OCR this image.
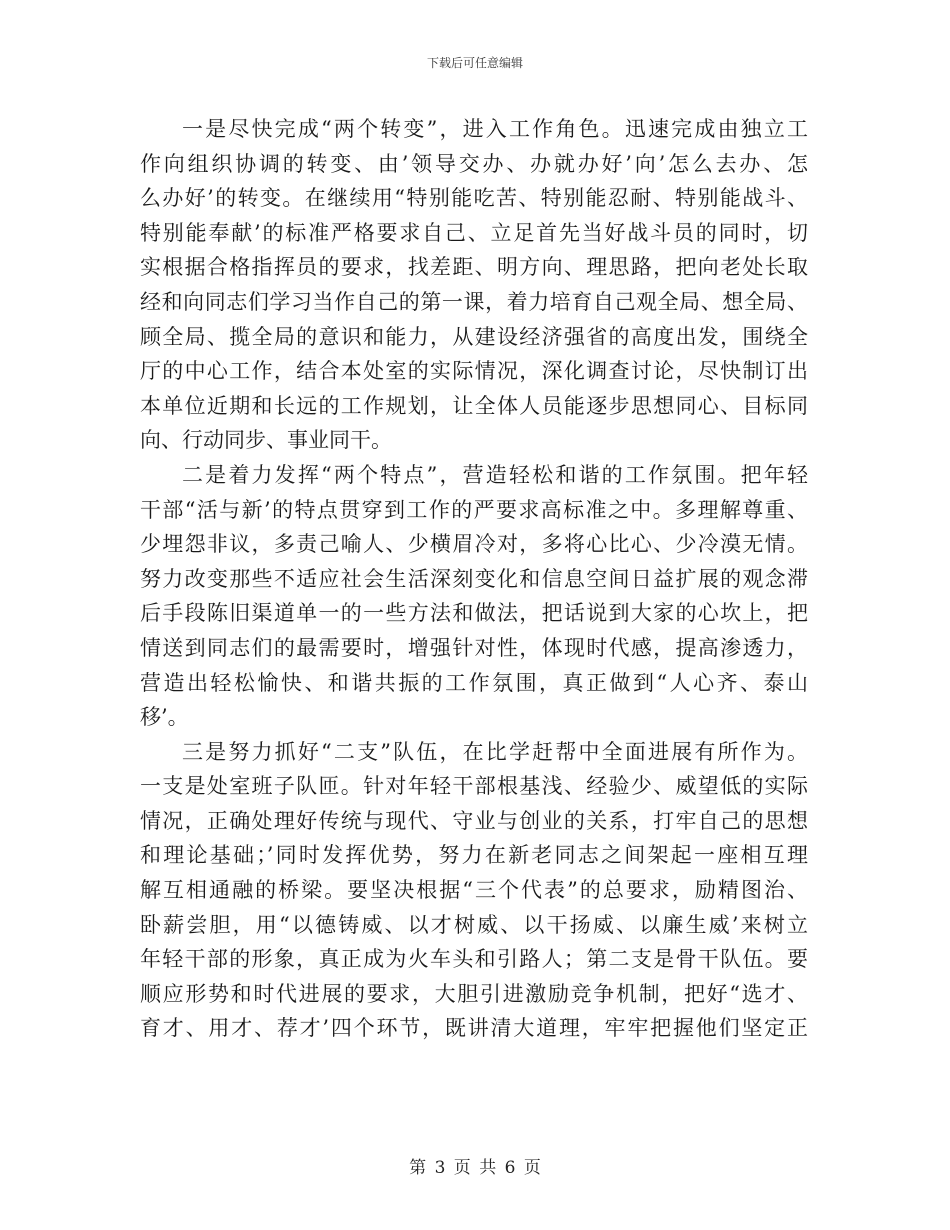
下载后可任意编辑
一是尽快完成“两个转变”，进入工作角色。迅速完成由独立工
作向组织协调的转变、由’领导交办、办就办好’向’怎么去办、怎
么办好’的转变。在继续用“特别能吃苦、特别能忍耐、特别能战斗、
特别能奉献’的标准严格要求自己、立足首先当好战斗员的同时，切
实根据合格指挥员的要求，找差距、明方向、理思路，把向老处长取
经和向同志们学习当作自己的第一课，着力培育自己观全局、想全局、
顾全局、揽全局的意识和能力，从建设经济强省的高度出发，围绕全
厅的中心工作，结合本处室的实际情况，深化调查讨论，尽快制订出
本单位近期和长远的工作规划，让全体人员能逐步思想同心、目标同
向、行动同步、事业同干。
二是着力发挥“两个特点”，营造轻松和谐的工作氛围。把年轻
干部“活与新’的特点贯穿到工作的严要求高标准之中。多理解尊重、
少埋怨非议，多责己喻人、少横眉冷对，多将心比心、少冷漠无情。
努力改变那些不适应社会生活深刻变化和信息空间日益扩展的观念滞
后手段陈旧渠道单一的一些方法和做法，把话说到大家的心坎上，把
情送到同志们的最需要时，增强针对性，体现时代感，提高渗透力，
营造出轻松愉快、和谐共振的工作氛围，真正做到“人心齐、泰山
移’。
三是努力抓好“二支”队伍，在比学赶帮中全面进展有所作为。
一支是处室班子队匝。针对年轻干部根基浅、经验少、威望低的实际
情况，正确处理好传统与现代、守业与创业的关系，打牢自己的思想
和理论基础；’同时发挥优势，努力在新老同志之间架起一座相互理
解互相通融的桥梁。要坚决根据“三个代表”的总要求，励精图治、
卧薪尝胆，用“以德铸威、以才树威、以干扬威、以廉生威’来树立
年轻干部的形象，真正成为火车头和引路人；第二支是骨干队伍。要
顺应形势和时代进展的要求，大胆引进激励竞争机制，把好“选才、
育才、用才、荐才’四个环节，既讲清大道理，牢牢把握他们坚定正
第 3 页 共 6 页
